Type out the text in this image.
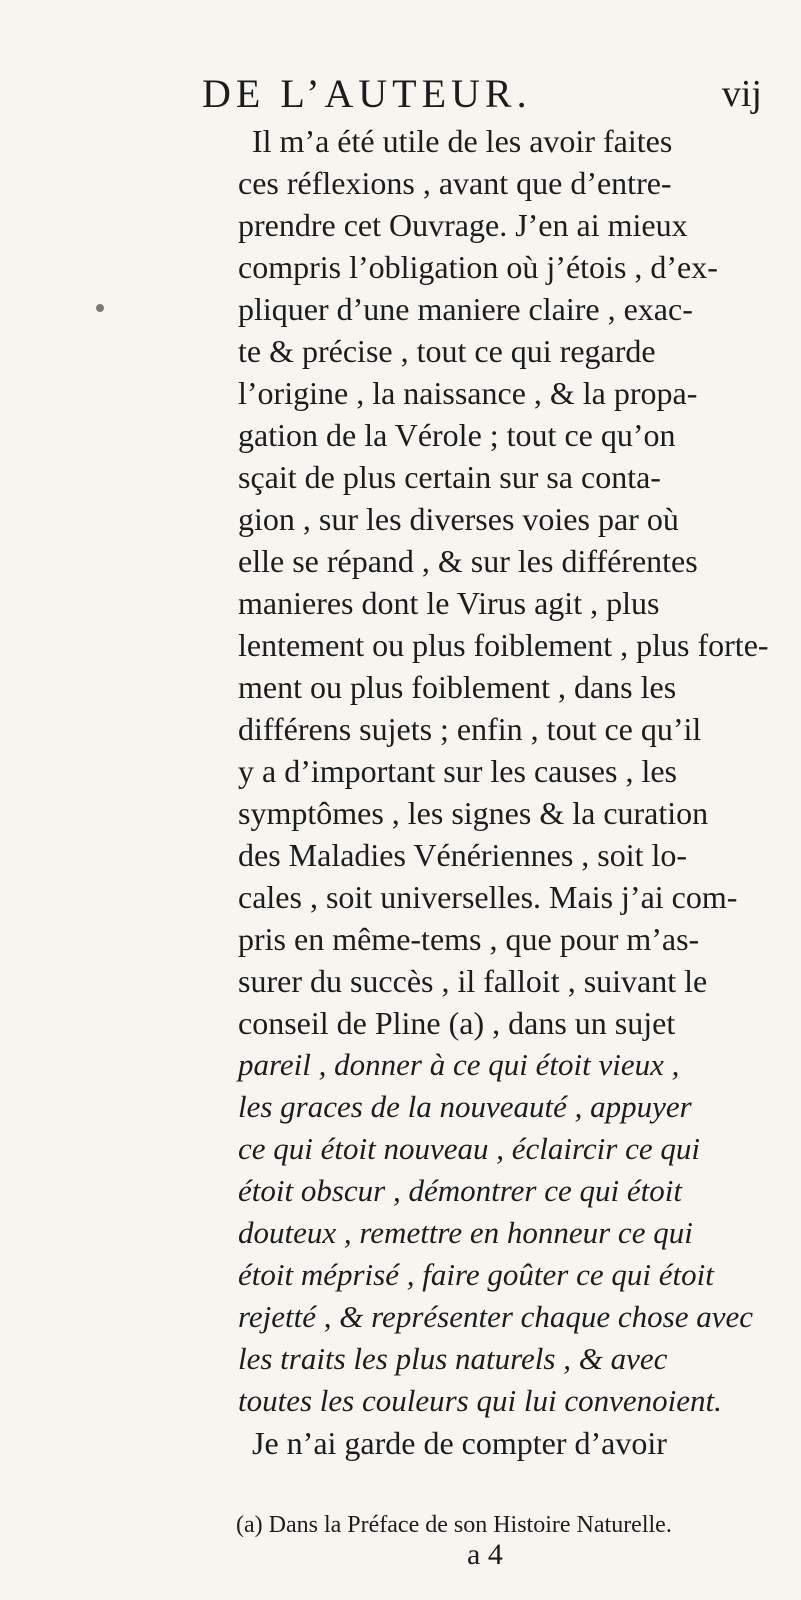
DE L’AUTEUR.	vij
Il m’a été utile de les avoir faites
ces réflexions , avant que d’entre-
prendre cet Ouvrage. J’en ai mieux
compris l’obligation où j’étois , d’ex-
pliquer d’une maniere claire , exac-
te & précise , tout ce qui regarde
l’origine , la naissance , & la propa-
gation de la Vérole ; tout ce qu’on
sçait de plus certain sur sa conta-
gion , sur les diverses voies par où
elle se répand , & sur les différentes
manieres dont le Virus agit , plus
lentement ou plus foiblement , plus forte-
ment ou plus foiblement , dans les
différens sujets ; enfin , tout ce qu’il
y a d’important sur les causes , les
symptômes , les signes & la curation
des Maladies Vénériennes , soit lo-
cales , soit universelles. Mais j’ai com-
pris en même-tems , que pour m’as-
surer du succès , il falloit , suivant le
conseil de Pline (a) , dans un sujet
pareil , donner à ce qui étoit vieux ,
les graces de la nouveauté , appuyer
ce qui étoit nouveau , éclaircir ce qui
étoit obscur , démontrer ce qui étoit
douteux , remettre en honneur ce qui
étoit méprisé , faire goûter ce qui étoit
rejetté , & représenter chaque chose avec
les traits les plus naturels , & avec
toutes les couleurs qui lui convenoient.
Je n’ai garde de compter d’avoir
(a) Dans la Préface de son Histoire Naturelle.
a 4
